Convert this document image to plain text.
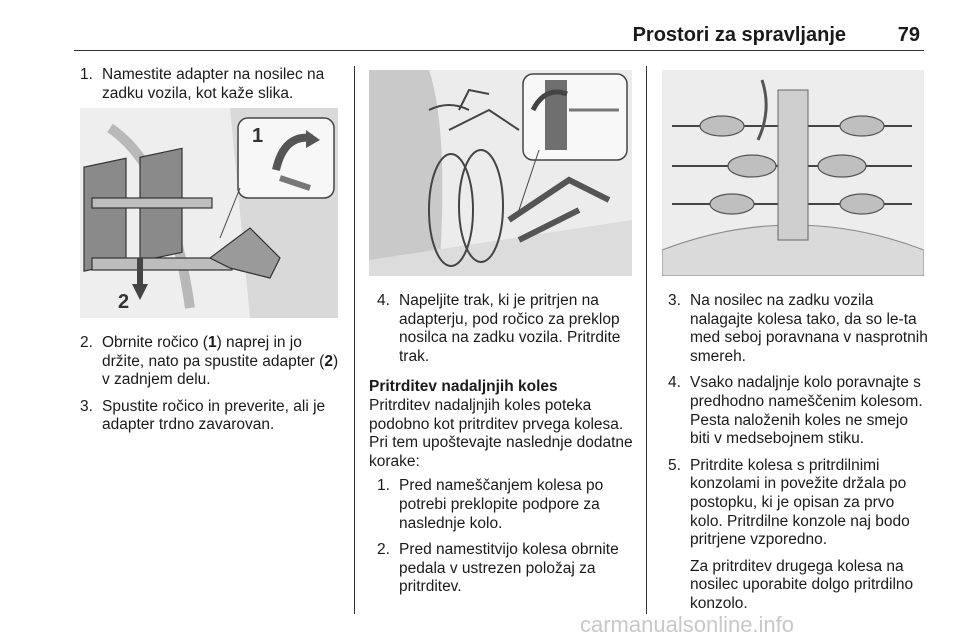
Prostori za spravljanje	79
1. Namestite adapter na nosilec na zadku vozila, kot kaže slika.
2
1
2. Obrnite ročico (1) naprej in jo držite, nato pa spustite adapter (2) v zadnjem delu.
3. Spustite ročico in preverite, ali je adapter trdno zavarovan.
4. Napeljite trak, ki je pritrjen na adapterju, pod ročico za preklop nosilca na zadku vozila. Pritrdite trak.

Pritrditev nadaljnjih koles

Pritrditev nadaljnjih koles poteka podobno kot pritrditev prvega kolesa. Pri tem upoštevajte naslednje dodatne korake:

1. Pred nameščanjem kolesa po potrebi preklopite podpore za naslednje kolo.
2. Pred namestitvijo kolesa obrnite pedala v ustrezen položaj za pritrditev.
3. Na nosilec na zadku vozila nalagajte kolesa tako, da so le-ta med seboj poravnana v nasprotnih smereh.
4. Vsako nadaljnje kolo poravnajte s predhodno nameščenim kolesom. Pesta naloženih koles ne smejo biti v medsebojnem stiku.
5. Pritrdite kolesa s pritrdilnimi konzolami in povežite držala po postopku, ki je opisan za prvo kolo. Pritrdilne konzole naj bodo pritrjene vzporedno.

Za pritrditev drugega kolesa na nosilec uporabite dolgo pritrdilno konzolo.

carmanualsonline.info
